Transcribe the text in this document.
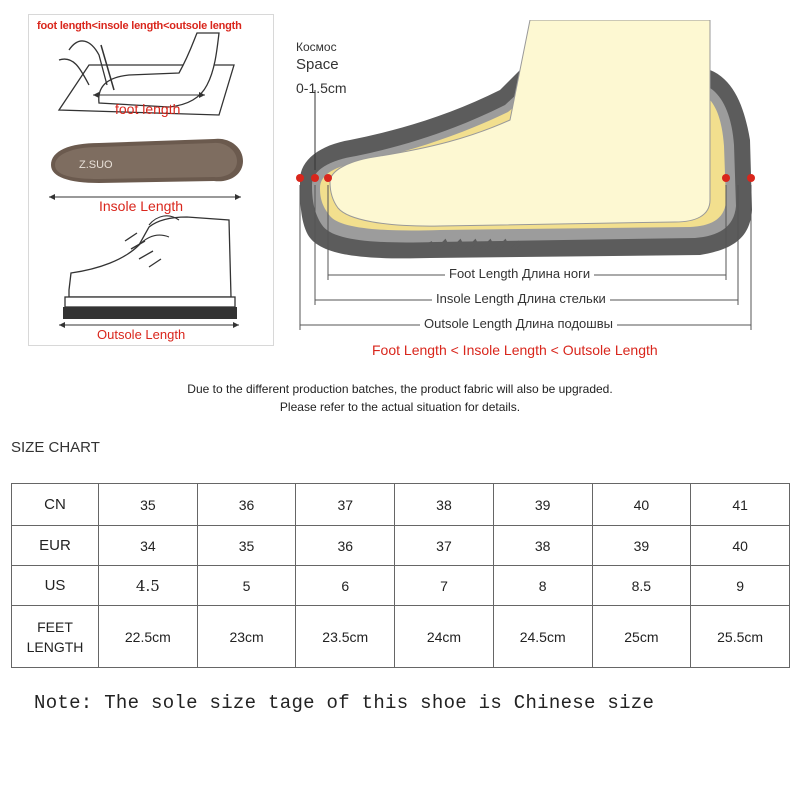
Z.SUO
foot length<insole length<outsole length
foot length
Insole Length
Outsole Length
Космос
Space
0-1.5cm
Foot Length Длина ноги
Insole Length Длина стельки
Outsole Length Длина подошвы
Foot Length < Insole Length < Outsole Length
Due to the different production batches, the product fabric will also be upgraded.
Please refer to the actual situation for details.
SIZE CHART
CN	35	36	37	38	39	40	41
EUR	34	35	36	37	38	39	40
US	4.5	5	6	7	8	8.5	9
FEET LENGTH	22.5cm	23cm	23.5cm	24cm	24.5cm	25cm	25.5cm
Note: The sole size tage of this shoe is Chinese size
